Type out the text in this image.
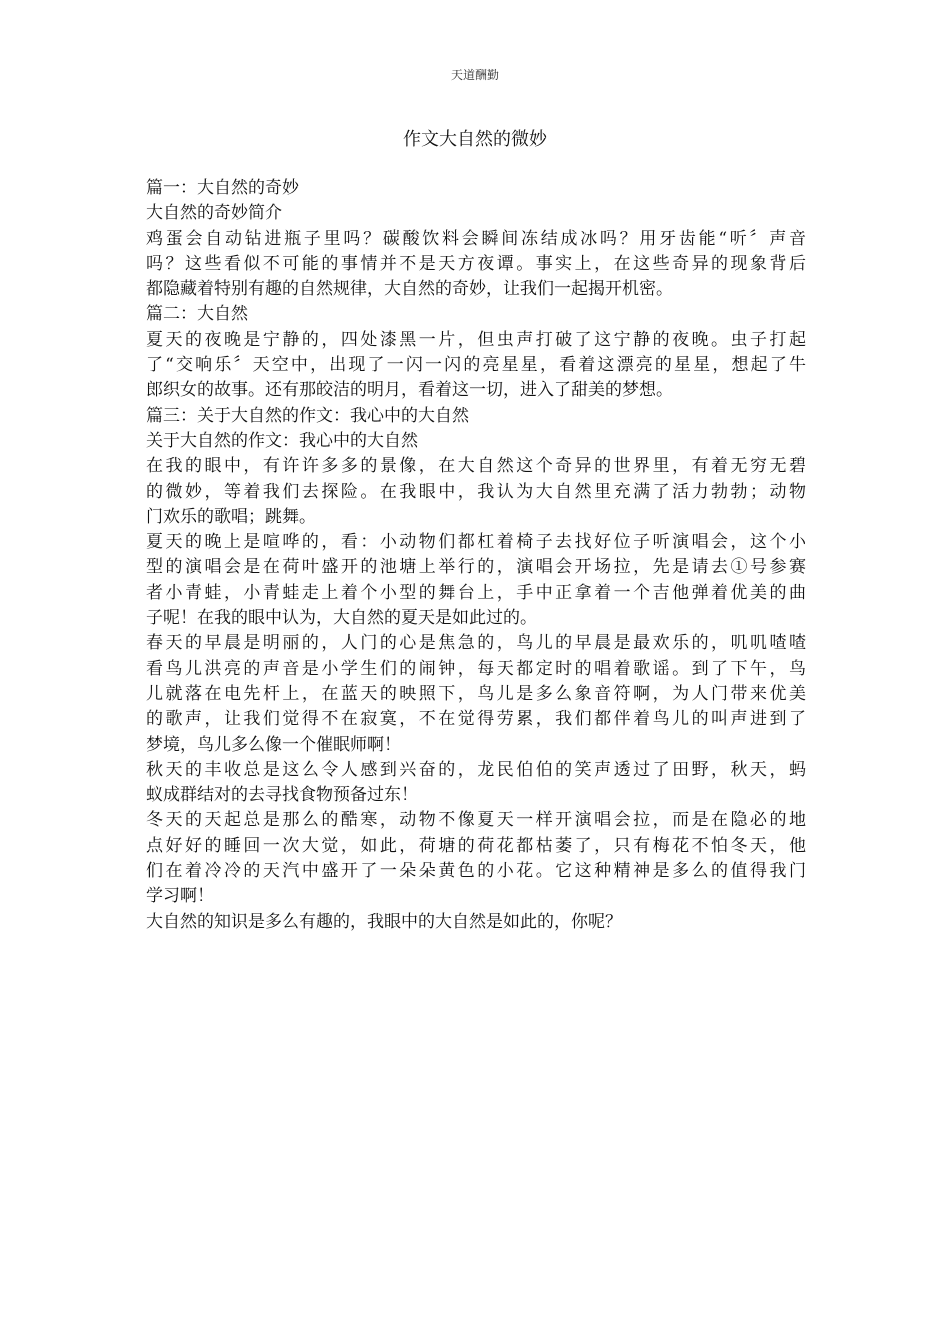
天道酬勤
作文大自然的微妙
篇一：大自然的奇妙
大自然的奇妙简介
鸡蛋会自动钻进瓶子里吗？碳酸饮料会瞬间冻结成冰吗？用牙齿能“听〞声音
吗？这些看似不可能的事情并不是天方夜谭。事实上，在这些奇异的现象背后
都隐藏着特别有趣的自然规律，大自然的奇妙，让我们一起揭开机密。
篇二：大自然
夏天的夜晚是宁静的，四处漆黑一片，但虫声打破了这宁静的夜晚。虫子打起
了“交响乐〞天空中，出现了一闪一闪的亮星星，看着这漂亮的星星，想起了牛
郎织女的故事。还有那皎洁的明月，看着这一切，进入了甜美的梦想。
篇三：关于大自然的作文：我心中的大自然
关于大自然的作文：我心中的大自然
在我的眼中，有许许多多的景像，在大自然这个奇异的世界里，有着无穷无碧
的微妙，等着我们去探险。在我眼中，我认为大自然里充满了活力勃勃；动物
门欢乐的歌唱；跳舞。
夏天的晚上是喧哗的，看：小动物们都杠着椅子去找好位子听演唱会，这个小
型的演唱会是在荷叶盛开的池塘上举行的，演唱会开场拉，先是请去①号参赛
者小青蛙，小青蛙走上着个小型的舞台上，手中正拿着一个吉他弹着优美的曲
子呢！在我的眼中认为，大自然的夏天是如此过的。
春天的早晨是明丽的，人门的心是焦急的，鸟儿的早晨是最欢乐的，叽叽喳喳
看鸟儿洪亮的声音是小学生们的闹钟，每天都定时的唱着歌谣。到了下午，鸟
儿就落在电先杆上，在蓝天的映照下，鸟儿是多么象音符啊，为人门带来优美
的歌声，让我们觉得不在寂寞，不在觉得劳累，我们都伴着鸟儿的叫声进到了
梦境，鸟儿多么像一个催眠师啊！
秋天的丰收总是这么令人感到兴奋的，龙民伯伯的笑声透过了田野，秋天，蚂
蚁成群结对的去寻找食物预备过东！
冬天的天起总是那么的酷寒，动物不像夏天一样开演唱会拉，而是在隐必的地
点好好的睡回一次大觉，如此，荷塘的荷花都枯萎了，只有梅花不怕冬天，他
们在着冷冷的天汽中盛开了一朵朵黄色的小花。它这种精神是多么的值得我门
学习啊！
大自然的知识是多么有趣的，我眼中的大自然是如此的，你呢？
